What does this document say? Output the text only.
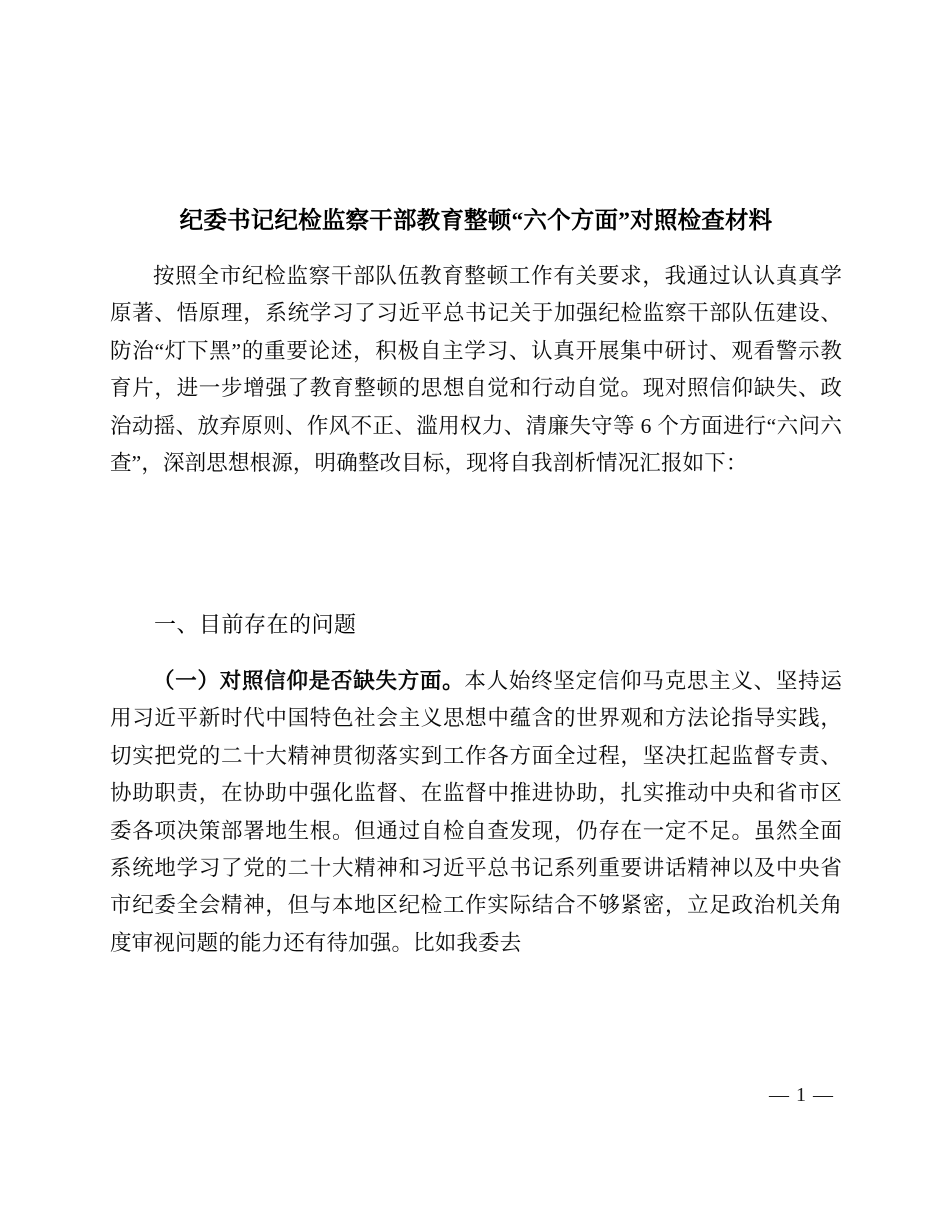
纪委书记纪检监察干部教育整顿“六个方面”对照检查材料

按照全市纪检监察干部队伍教育整顿工作有关要求，我通过认认真真学原著、悟原理，系统学习了习近平总书记关于加强纪检监察干部队伍建设、防治“灯下黑”的重要论述，积极自主学习、认真开展集中研讨、观看警示教育片，进一步增强了教育整顿的思想自觉和行动自觉。现对照信仰缺失、政治动摇、放弃原则、作风不正、滥用权力、清廉失守等 6 个方面进行“六问六查”，深剖思想根源，明确整改目标，现将自我剖析情况汇报如下：

一、目前存在的问题

（一）对照信仰是否缺失方面。本人始终坚定信仰马克思主义、坚持运用习近平新时代中国特色社会主义思想中蕴含的世界观和方法论指导实践，切实把党的二十大精神贯彻落实到工作各方面全过程，坚决扛起监督专责、协助职责，在协助中强化监督、在监督中推进协助，扎实推动中央和省市区委各项决策部署地生根。但通过自检自查发现，仍存在一定不足。虽然全面系统地学习了党的二十大精神和习近平总书记系列重要讲话精神以及中央省市纪委全会精神，但与本地区纪检工作实际结合不够紧密，立足政治机关角度审视问题的能力还有待加强。比如我委去

— 1 —
